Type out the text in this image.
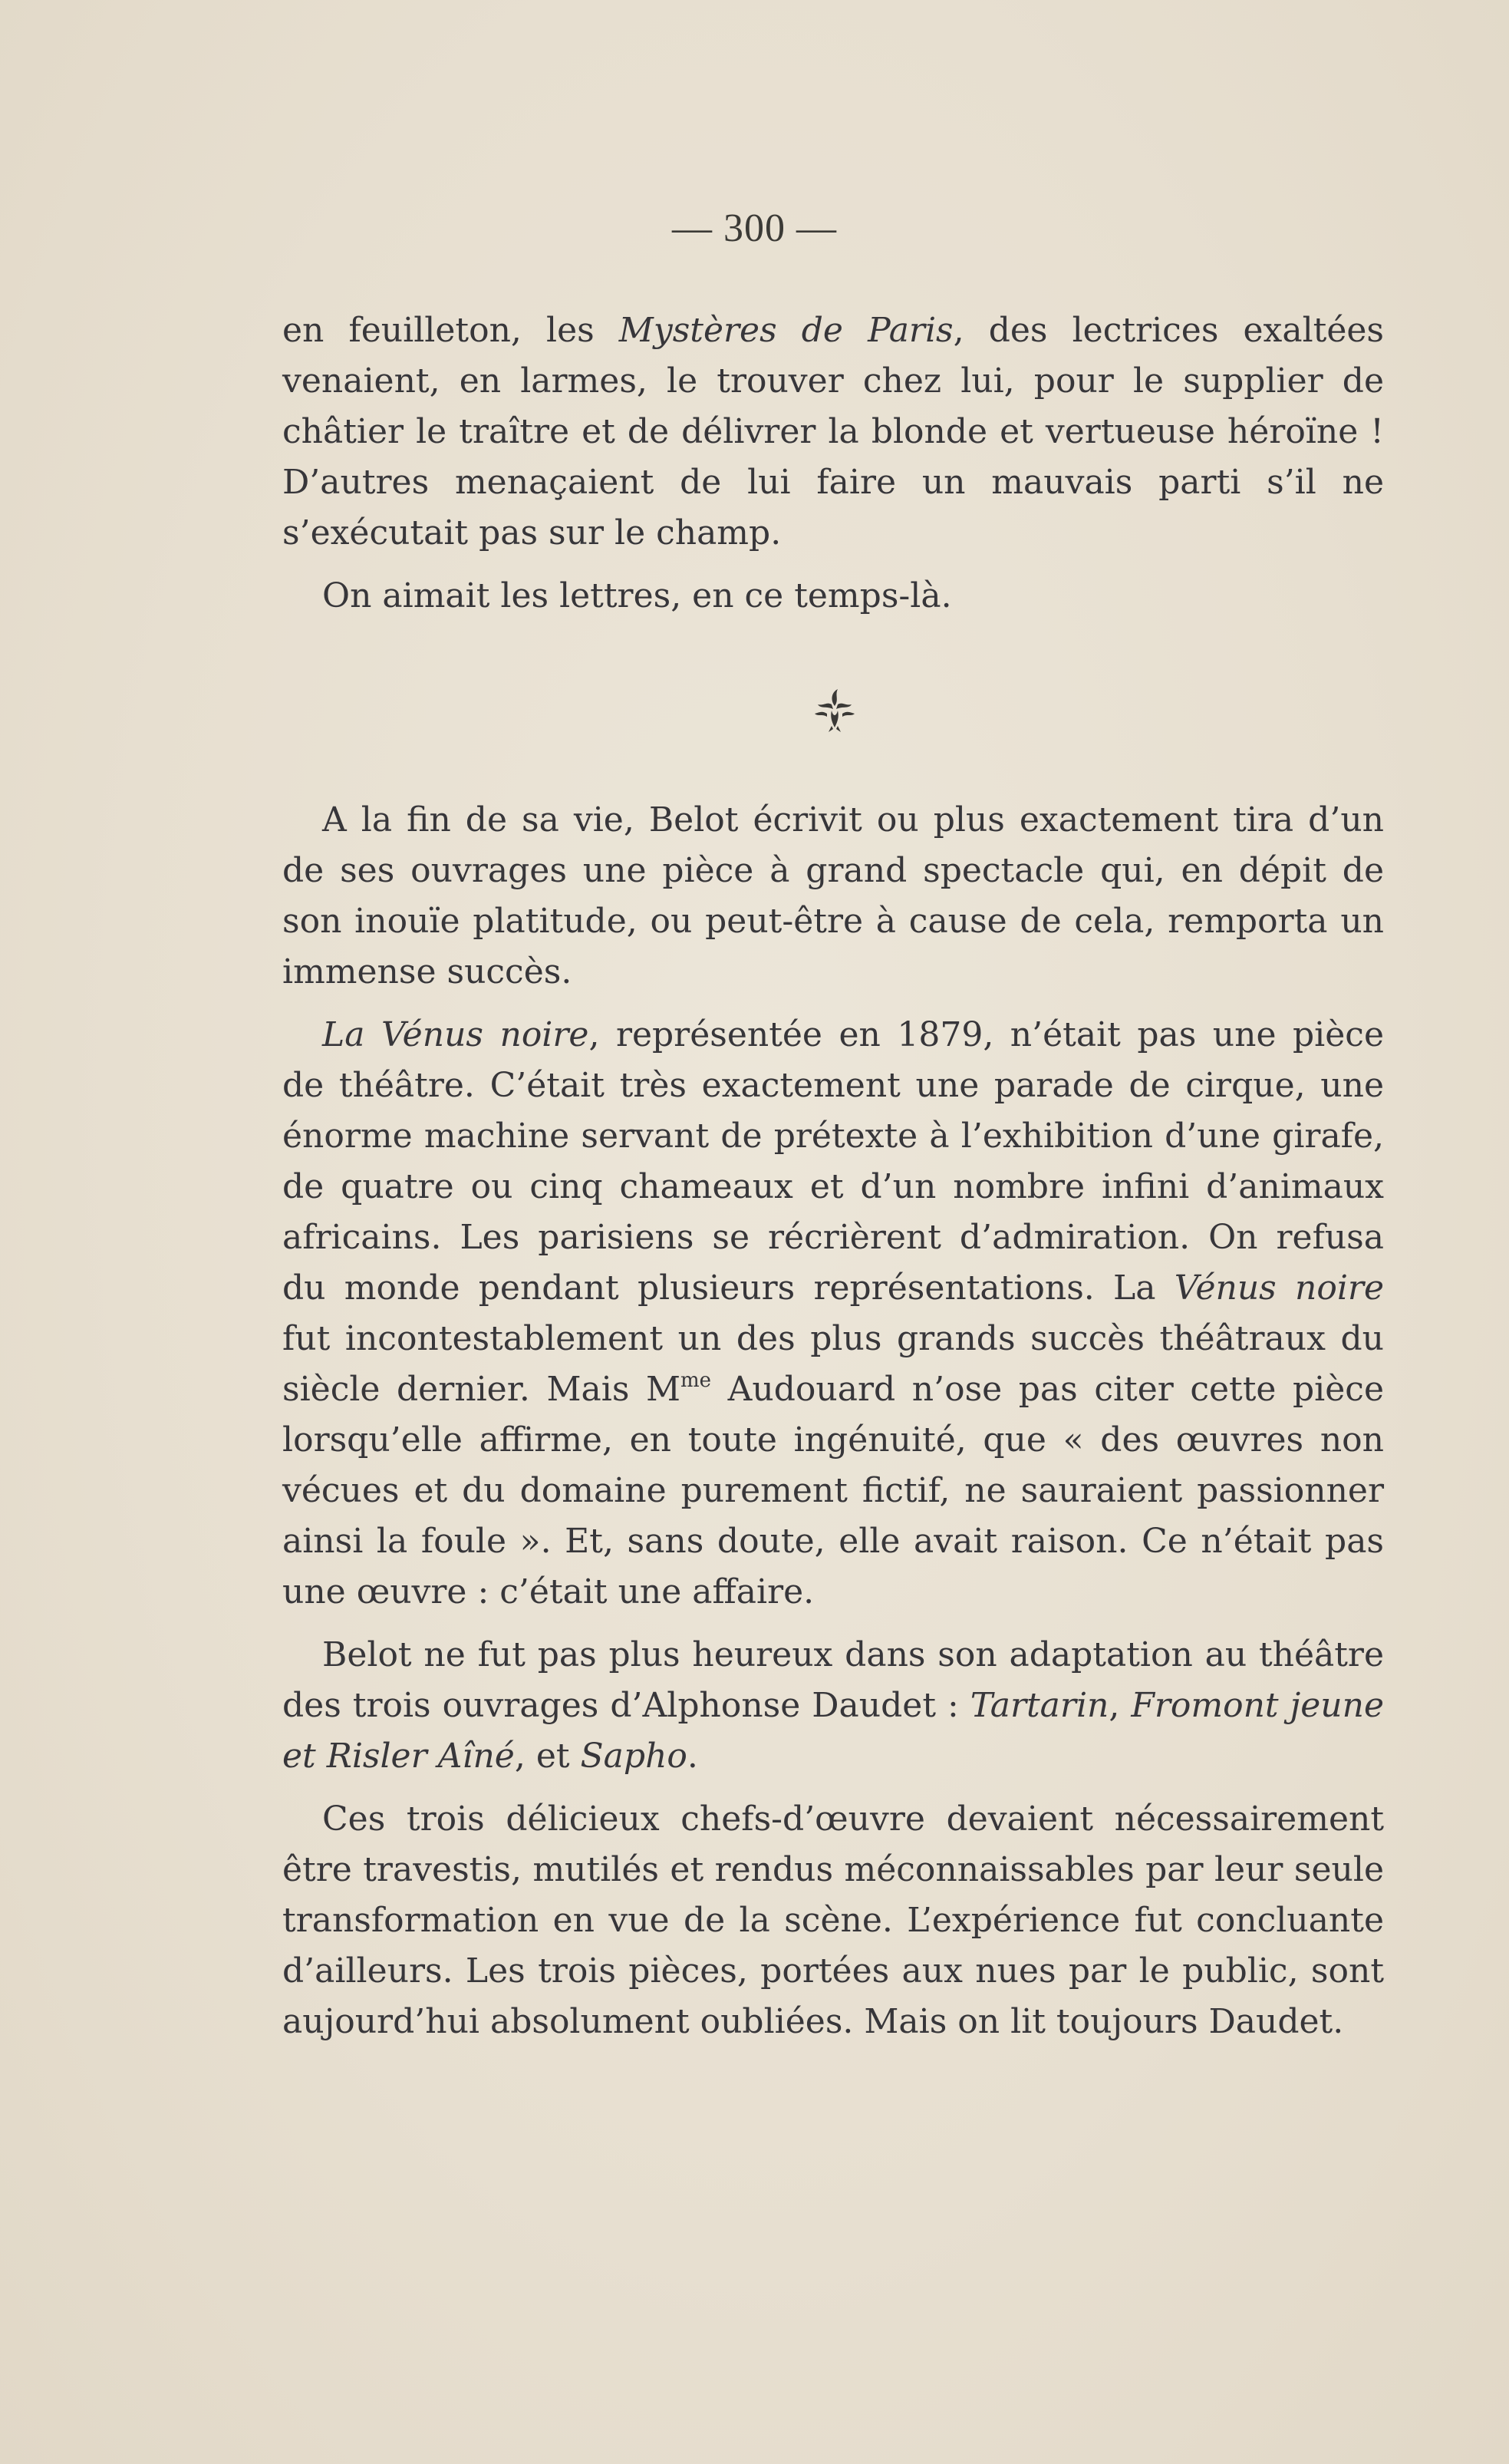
— 300 —

en feuilleton, les Mystères de Paris, des lectrices exaltées venaient, en larmes, le trouver chez lui, pour le supplier de châtier le traître et de délivrer la blonde et vertueuse héroïne ! D’autres menaçaient de lui faire un mauvais parti s’il ne s’exécutait pas sur le champ.

On aimait les lettres, en ce temps-là.

A la fin de sa vie, Belot écrivit ou plus exactement tira d’un de ses ouvrages une pièce à grand spectacle qui, en dépit de son inouïe platitude, ou peut-être à cause de cela, remporta un immense succès.

La Vénus noire, représentée en 1879, n’était pas une pièce de théâtre. C’était très exactement une parade de cirque, une énorme machine servant de prétexte à l’exhibition d’une girafe, de quatre ou cinq chameaux et d’un nombre infini d’animaux africains. Les parisiens se récrièrent d’admiration. On refusa du monde pendant plusieurs représentations. La Vénus noire fut incontestablement un des plus grands succès théâtraux du siècle dernier. Mais $M^{me}$ Audouard n’ose pas citer cette pièce lorsqu’elle affirme, en toute ingénuité, que « des œuvres non vécues et du domaine purement fictif, ne sauraient passionner ainsi la foule ». Et, sans doute, elle avait raison. Ce n’était pas une œuvre : c’était une affaire.

Belot ne fut pas plus heureux dans son adaptation au théâtre des trois ouvrages d’Alphonse Daudet : Tartarin, Fromont jeune et Risler Aîné, et Sapho.

Ces trois délicieux chefs-d’œuvre devaient nécessairement être travestis, mutilés et rendus méconnaissables par leur seule transformation en vue de la scène. L’expérience fut concluante d’ailleurs. Les trois pièces, portées aux nues par le public, sont aujourd’hui absolument oubliées. Mais on lit toujours Daudet.
